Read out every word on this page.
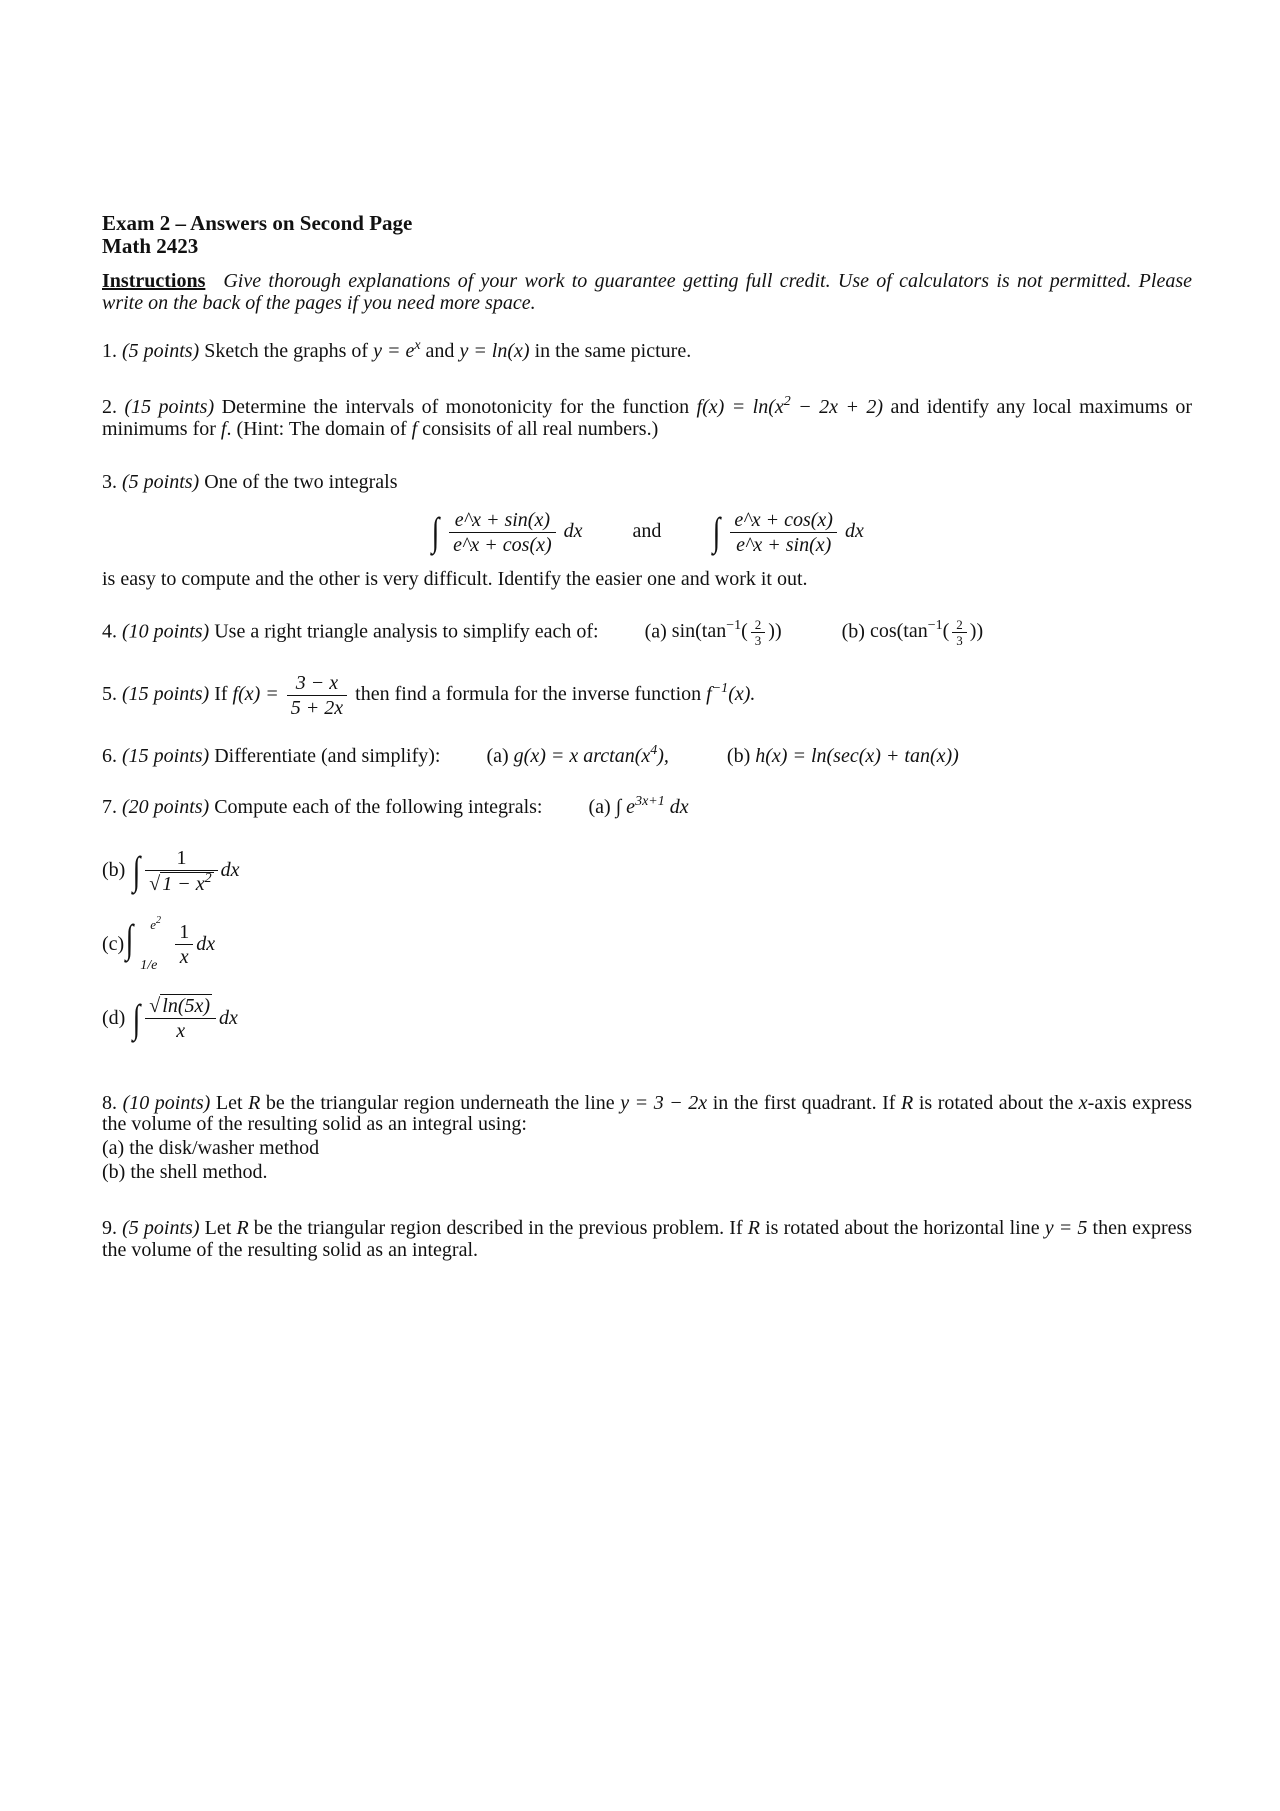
Exam 2 – Answers on Second Page
Math 2423
Instructions Give thorough explanations of your work to guarantee getting full credit. Use of calculators is not permitted. Please write on the back of the pages if you need more space.
1. (5 points) Sketch the graphs of $y = e^x$ and y = ln(x) in the same picture.
2. (15 points) Determine the intervals of monotonicity for the function $f(x) = \ln(x^2 - 2x + 2)$ and identify any local maximums or minimums for f. (Hint: The domain of f consisits of all real numbers.)
3. (5 points) One of the two integrals
∫ $\frac{e\^{}x + \sin(x)}{e\^{}x + \cos(x)}$ dx	and ∫ $\frac{e\^{}x + \cos(x)}{e\^{}x + \sin(x)}$ dx
is easy to compute and the other is very difficult. Identify the easier one and work it out.
4. (10 points) Use a right triangle analysis to simplify each of: (a) $\sin(\tan^{-1}( \frac{2}{3}$ ))	(b) $\cos(\tan^{-1}( \frac{2}{3}$ ))
5. (15 points) If $f(x) = \frac{3 - x}{5 + 2x}$ then find a formula for the inverse function $f^{-1}(x)$.
6. (15 points) Differentiate (and simplify): (a) g(x) = x $\arctan(x^4)$,	(b) h(x) = ln(sec(x) + tan(x))
7. (20 points) Compute each of the following integrals: (a) ∫ $e^{3x+1}$ dx
(b) ∫ $\frac{1}{√ 1 - x^2}$ dx
(c) ∫ $e^2$
$1/e \frac{1}{x}$ dx
(d) ∫ $\frac{√ \ln(5x)}{x}$ dx
8. (10 points) Let R be the triangular region underneath the line y = 3 − 2x in the first quadrant. If R is rotated about the x-axis express the volume of the resulting solid as an integral using:
(a) the disk/washer method
(b) the shell method.
9. (5 points) Let R be the triangular region described in the previous problem. If R is rotated about the horizontal line y = 5 then express the volume of the resulting solid as an integral.
